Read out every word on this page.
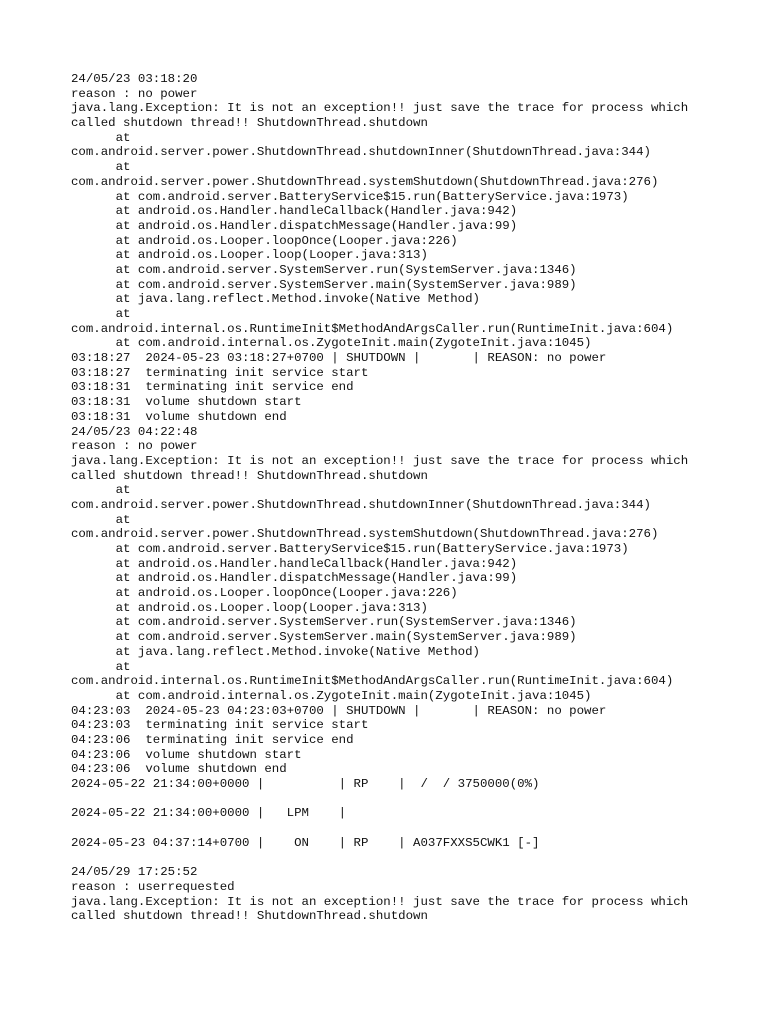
24/05/23 03:18:20
reason : no power
java.lang.Exception: It is not an exception!! just save the trace for process which
called shutdown thread!! ShutdownThread.shutdown
at
com.android.server.power.ShutdownThread.shutdownInner(ShutdownThread.java:344)
at
com.android.server.power.ShutdownThread.systemShutdown(ShutdownThread.java:276)
at com.android.server.BatteryService$15.run(BatteryService.java:1973)
at android.os.Handler.handleCallback(Handler.java:942)
at android.os.Handler.dispatchMessage(Handler.java:99)
at android.os.Looper.loopOnce(Looper.java:226)
at android.os.Looper.loop(Looper.java:313)
at com.android.server.SystemServer.run(SystemServer.java:1346)
at com.android.server.SystemServer.main(SystemServer.java:989)
at java.lang.reflect.Method.invoke(Native Method)
at
com.android.internal.os.RuntimeInit$MethodAndArgsCaller.run(RuntimeInit.java:604)
at com.android.internal.os.ZygoteInit.main(ZygoteInit.java:1045)
03:18:27  2024-05-23 03:18:27+0700 | SHUTDOWN |       | REASON: no power
03:18:27  terminating init service start
03:18:31  terminating init service end
03:18:31  volume shutdown start
03:18:31  volume shutdown end
24/05/23 04:22:48
reason : no power
java.lang.Exception: It is not an exception!! just save the trace for process which
called shutdown thread!! ShutdownThread.shutdown
at
com.android.server.power.ShutdownThread.shutdownInner(ShutdownThread.java:344)
at
com.android.server.power.ShutdownThread.systemShutdown(ShutdownThread.java:276)
at com.android.server.BatteryService$15.run(BatteryService.java:1973)
at android.os.Handler.handleCallback(Handler.java:942)
at android.os.Handler.dispatchMessage(Handler.java:99)
at android.os.Looper.loopOnce(Looper.java:226)
at android.os.Looper.loop(Looper.java:313)
at com.android.server.SystemServer.run(SystemServer.java:1346)
at com.android.server.SystemServer.main(SystemServer.java:989)
at java.lang.reflect.Method.invoke(Native Method)
at
com.android.internal.os.RuntimeInit$MethodAndArgsCaller.run(RuntimeInit.java:604)
at com.android.internal.os.ZygoteInit.main(ZygoteInit.java:1045)
04:23:03  2024-05-23 04:23:03+0700 | SHUTDOWN |       | REASON: no power
04:23:03  terminating init service start
04:23:06  terminating init service end
04:23:06  volume shutdown start
04:23:06  volume shutdown end
2024-05-22 21:34:00+0000 |          | RP    |  /  / 3750000(0%)
2024-05-22 21:34:00+0000 |   LPM    |
2024-05-23 04:37:14+0700 |    ON    | RP    | A037FXXS5CWK1 [-]
24/05/29 17:25:52
reason : userrequested
java.lang.Exception: It is not an exception!! just save the trace for process which
called shutdown thread!! ShutdownThread.shutdown
